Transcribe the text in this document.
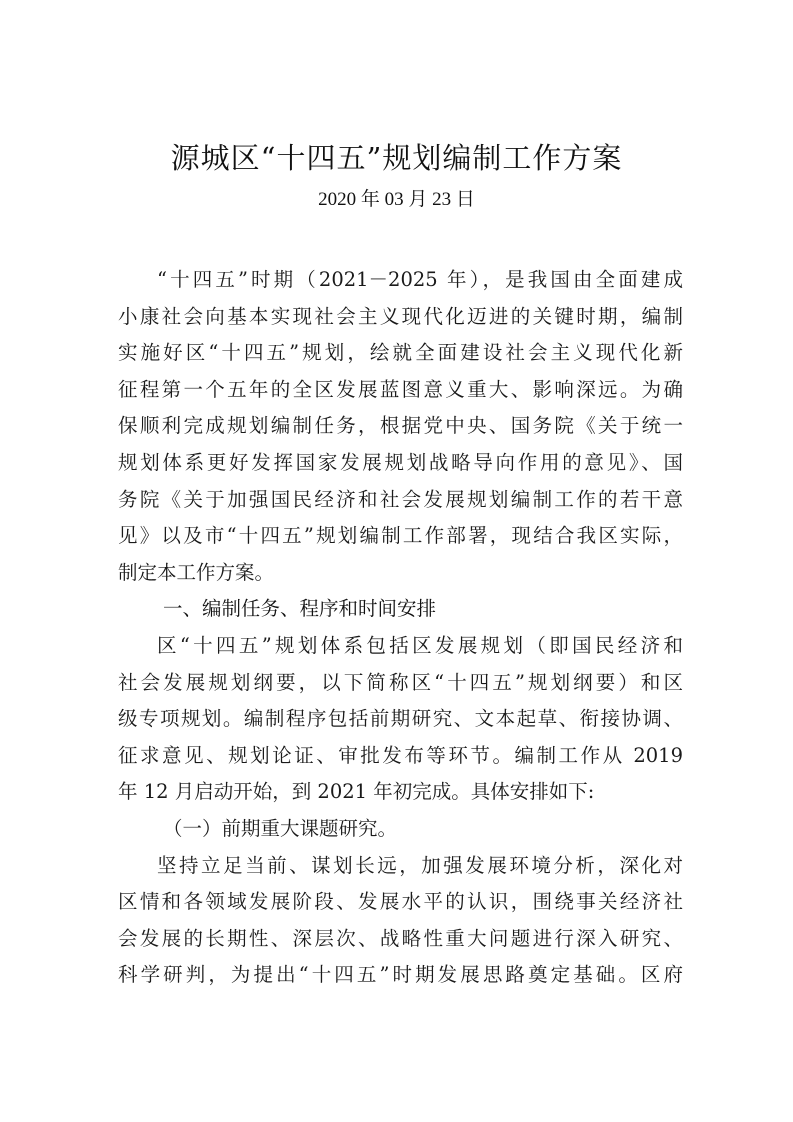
源城区“十四五”规划编制工作方案
2020 年 03 月 23 日
“十四五”时期（2021－2025 年），是我国由全面建成
小康社会向基本实现社会主义现代化迈进的关键时期，编制
实施好区“十四五”规划，绘就全面建设社会主义现代化新
征程第一个五年的全区发展蓝图意义重大、影响深远。为确
保顺利完成规划编制任务，根据党中央、国务院《关于统一
规划体系更好发挥国家发展规划战略导向作用的意见》、国
务院《关于加强国民经济和社会发展规划编制工作的若干意
见》以及市“十四五”规划编制工作部署，现结合我区实际，
制定本工作方案。
一、编制任务、程序和时间安排
区“十四五”规划体系包括区发展规划（即国民经济和
社会发展规划纲要，以下简称区“十四五”规划纲要）和区
级专项规划。编制程序包括前期研究、文本起草、衔接协调、
征求意见、规划论证、审批发布等环节。编制工作从 2019
年 12 月启动开始，到 2021 年初完成。具体安排如下:
（一）前期重大课题研究。
坚持立足当前、谋划长远，加强发展环境分析，深化对
区情和各领域发展阶段、发展水平的认识，围绕事关经济社
会发展的长期性、深层次、战略性重大问题进行深入研究、
科学研判，为提出“十四五”时期发展思路奠定基础。区府
